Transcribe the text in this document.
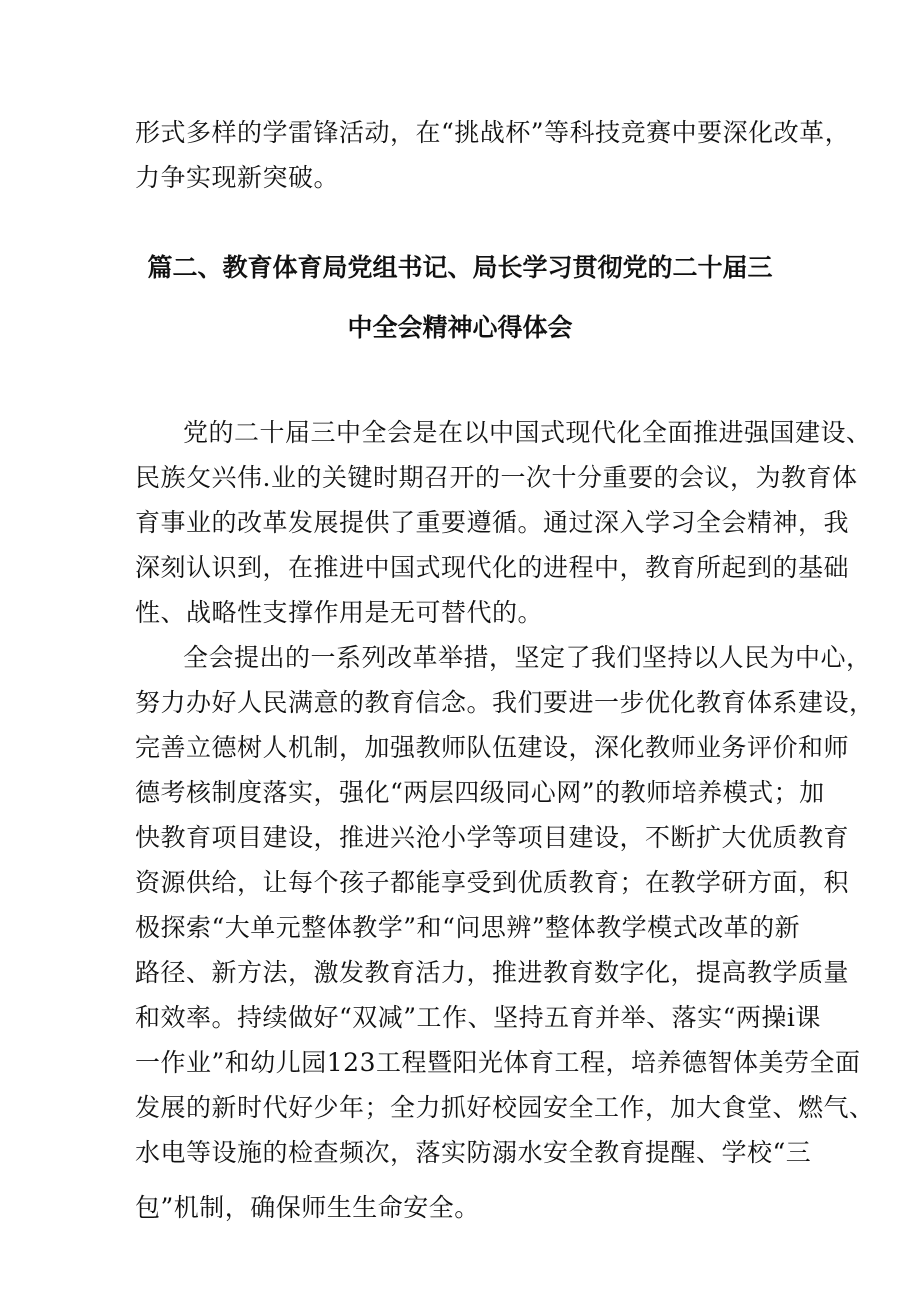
形式多样的学雷锋活动，在“挑战杯”等科技竞赛中要深化改革，
力争实现新突破。
篇二、教育体育局党组书记、局长学习贯彻党的二十届三
中全会精神心得体会
党的二十届三中全会是在以中国式现代化全面推进强国建设、
民族攵兴伟.业的关键时期召开的一次十分重要的会议，为教育体
育事业的改革发展提供了重要遵循。通过深入学习全会精神，我
深刻认识到，在推进中国式现代化的进程中，教育所起到的基础
性、战略性支撑作用是无可替代的。
全会提出的一系列改革举措，坚定了我们坚持以人民为中心，
努力办好人民满意的教育信念。我们要进一步优化教育体系建设，
完善立德树人机制，加强教师队伍建设，深化教师业务评价和师
德考核制度落实，强化“两层四级同心网”的教师培养模式；加
快教育项目建设，推进兴沧小学等项目建设，不断扩大优质教育
资源供给，让每个孩子都能享受到优质教育；在教学研方面，积
极探索“大单元整体教学”和“问思辨”整体教学模式改革的新
路径、新方法，激发教育活力，推进教育数字化，提高教学质量
和效率。持续做好“双减”工作、坚持五育并举、落实“两操i课
一作业”和幼儿园123工程暨阳光体育工程，培养德智体美劳全面
发展的新时代好少年；全力抓好校园安全工作，加大食堂、燃气、
水电等设施的检查频次，落实防溺水安全教育提醒、学校“三
包”机制，确保师生生命安全。
